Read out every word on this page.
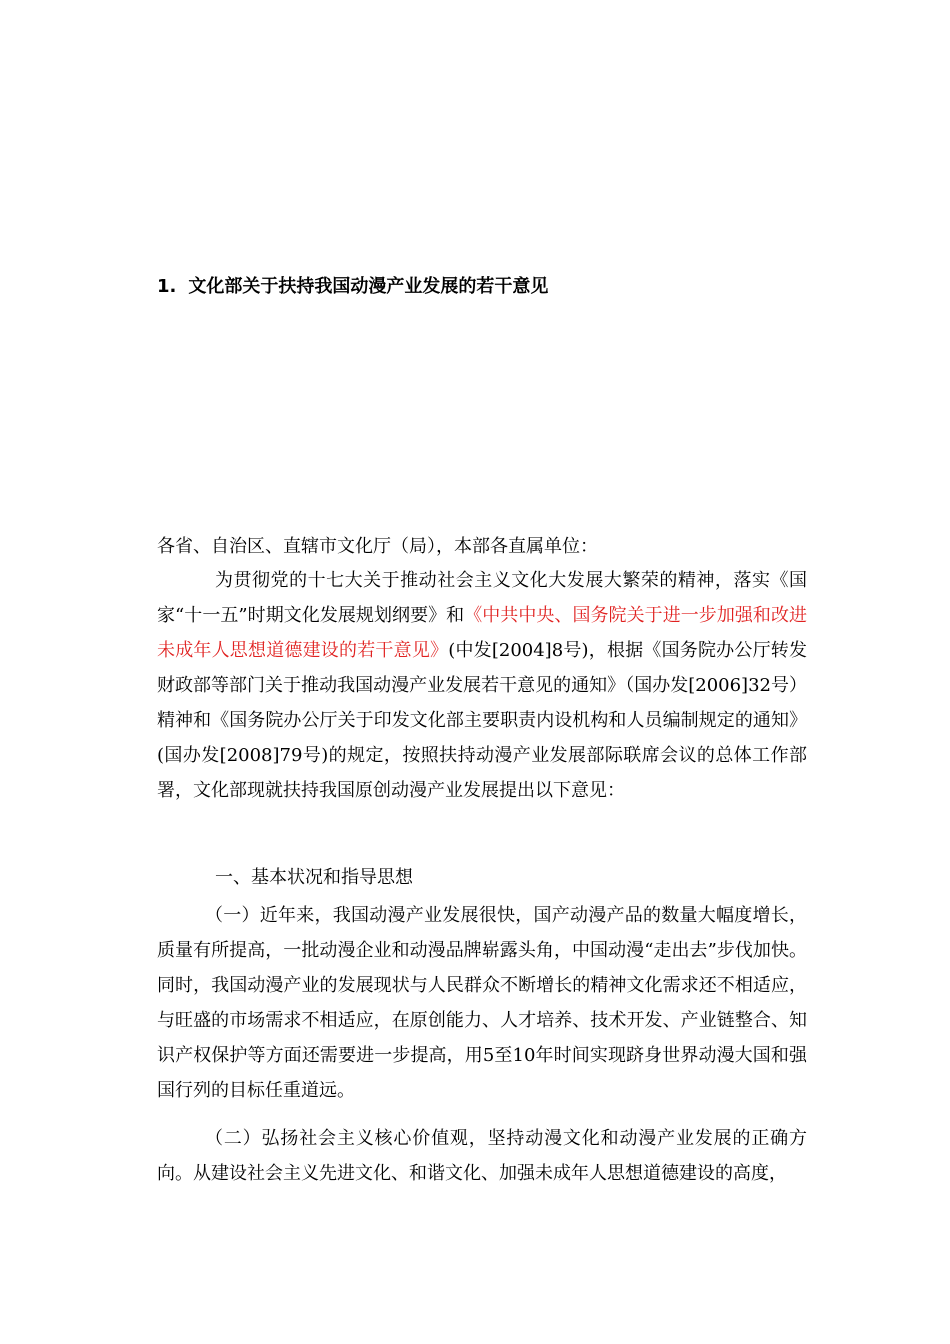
1. 文化部关于扶持我国动漫产业发展的若干意见
各省、自治区、直辖市文化厅（局），本部各直属单位：
为贯彻党的十七大关于推动社会主义文化大发展大繁荣的精神，落实《国家“十一五”时期文化发展规划纲要》和《中共中央、国务院关于进一步加强和改进未成年人思想道德建设的若干意见》(中发[2004]8号)，根据《国务院办公厅转发财政部等部门关于推动我国动漫产业发展若干意见的通知》（国办发[2006]32号）精神和《国务院办公厅关于印发文化部主要职责内设机构和人员编制规定的通知》(国办发[2008]79号)的规定，按照扶持动漫产业发展部际联席会议的总体工作部署，文化部现就扶持我国原创动漫产业发展提出以下意见：
一、基本状况和指导思想
（一）近年来，我国动漫产业发展很快，国产动漫产品的数量大幅度增长，质量有所提高，一批动漫企业和动漫品牌崭露头角，中国动漫“走出去”步伐加快。同时，我国动漫产业的发展现状与人民群众不断增长的精神文化需求还不相适应，与旺盛的市场需求不相适应，在原创能力、人才培养、技术开发、产业链整合、知识产权保护等方面还需要进一步提高，用5至10年时间实现跻身世界动漫大国和强国行列的目标任重道远。
（二）弘扬社会主义核心价值观，坚持动漫文化和动漫产业发展的正确方向。从建设社会主义先进文化、和谐文化、加强未成年人思想道德建设的高度，
